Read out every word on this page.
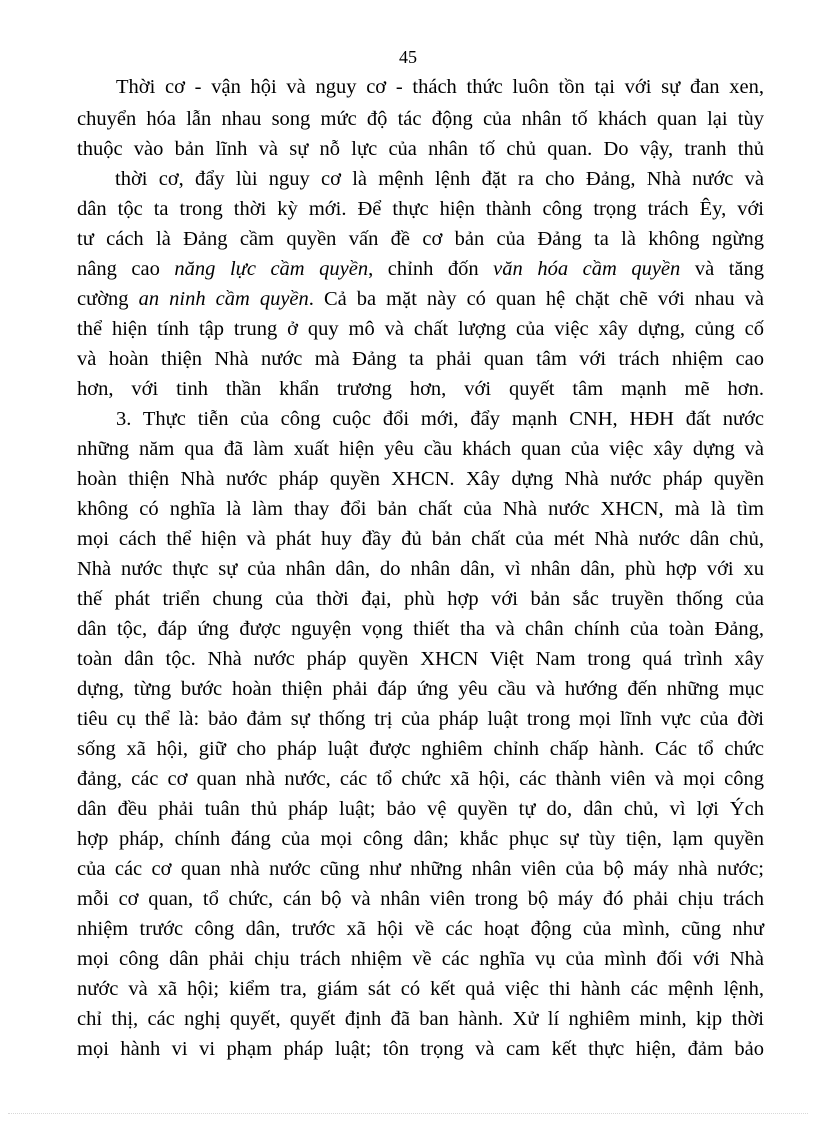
45
Thời cơ - vận hội và nguy cơ - thách thức luôn tồn tại với sự đan xen,
chuyển hóa lẫn nhau song mức độ tác động của nhân tố khách quan lại tùy
thuộc vào bản lĩnh và sự nỗ lực của nhân tố chủ quan. Do vậy, tranh thủ
thời cơ, đẩy lùi nguy cơ là mệnh lệnh đặt ra cho Đảng, Nhà nước và
dân tộc ta trong thời kỳ mới. Để thực hiện thành công trọng trách Êy, với
tư cách là Đảng cầm quyền vấn đề cơ bản của Đảng ta là không ngừng
nâng cao năng lực cầm quyền, chỉnh đốn văn hóa cầm quyền và tăng
cường an ninh cầm quyền. Cả ba mặt này có quan hệ chặt chẽ với nhau và
thể hiện tính tập trung ở quy mô và chất lượng của việc xây dựng, củng cố
và hoàn thiện Nhà nước mà Đảng ta phải quan tâm với trách nhiệm cao
hơn, với tinh thần khẩn trương hơn, với quyết tâm mạnh mẽ hơn.
3. Thực tiễn của công cuộc đổi mới, đẩy mạnh CNH, HĐH đất nước
những năm qua đã làm xuất hiện yêu cầu khách quan của việc xây dựng và
hoàn thiện Nhà nước pháp quyền XHCN. Xây dựng Nhà nước pháp quyền
không có nghĩa là làm thay đổi bản chất của Nhà nước XHCN, mà là tìm
mọi cách thể hiện và phát huy đầy đủ bản chất của mét Nhà nước dân chủ,
Nhà nước thực sự của nhân dân, do nhân dân, vì nhân dân, phù hợp với xu
thế phát triển chung của thời đại, phù hợp với bản sắc truyền thống của
dân tộc, đáp ứng được nguyện vọng thiết tha và chân chính của toàn Đảng,
toàn dân tộc. Nhà nước pháp quyền XHCN Việt Nam trong quá trình xây
dựng, từng bước hoàn thiện phải đáp ứng yêu cầu và hướng đến những mục
tiêu cụ thể là: bảo đảm sự thống trị của pháp luật trong mọi lĩnh vực của đời
sống xã hội, giữ cho pháp luật được nghiêm chỉnh chấp hành. Các tổ chức
đảng, các cơ quan nhà nước, các tổ chức xã hội, các thành viên và mọi công
dân đều phải tuân thủ pháp luật; bảo vệ quyền tự do, dân chủ, vì lợi Ých
hợp pháp, chính đáng của mọi công dân; khắc phục sự tùy tiện, lạm quyền
của các cơ quan nhà nước cũng như những nhân viên của bộ máy nhà nước;
mỗi cơ quan, tổ chức, cán bộ và nhân viên trong bộ máy đó phải chịu trách
nhiệm trước công dân, trước xã hội về các hoạt động của mình, cũng như
mọi công dân phải chịu trách nhiệm về các nghĩa vụ của mình đối với Nhà
nước và xã hội; kiểm tra, giám sát có kết quả việc thi hành các mệnh lệnh,
chỉ thị, các nghị quyết, quyết định đã ban hành. Xử lí nghiêm minh, kịp thời
mọi hành vi vi phạm pháp luật; tôn trọng và cam kết thực hiện, đảm bảo
